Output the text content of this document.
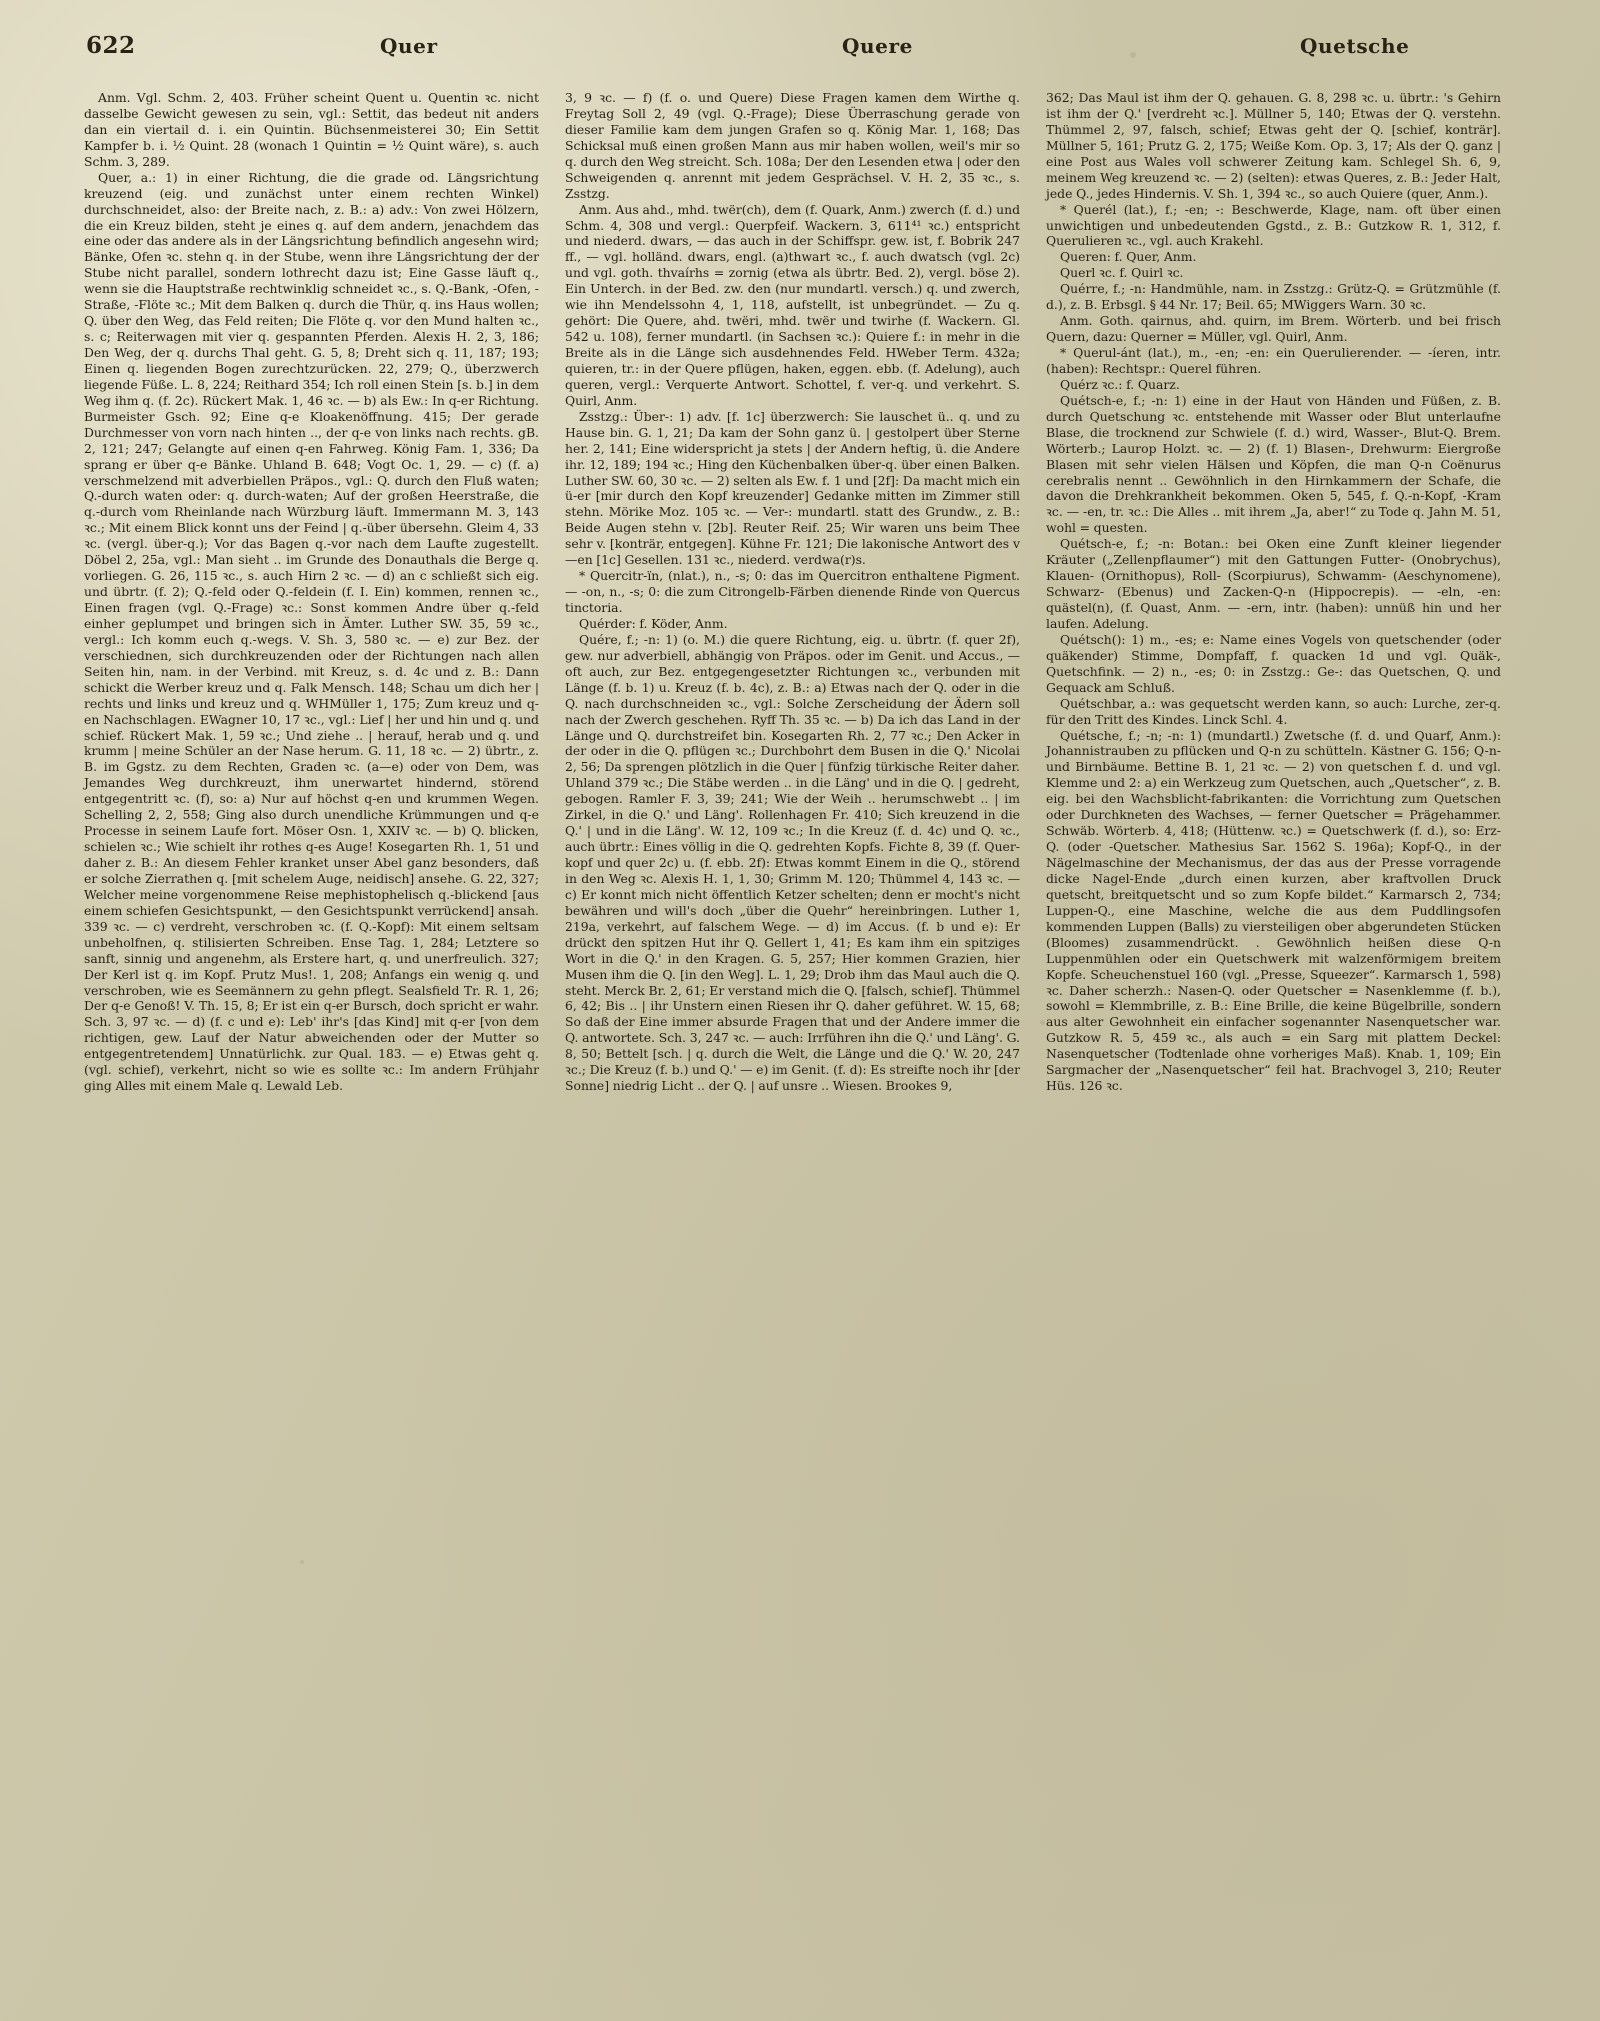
622	Quer	Quere	Quetsche

Anm. Vgl. Schm. 2, 403. Früher scheint Quent u. Quentin ꝛc. nicht dasselbe Gewicht gewesen zu sein, vgl.: Settit, das bedeut nit anders dan ein viertail d. i. ein Quintin. Büchsenmeisterei 30; Ein Settit Kampfer b. i. ¹⁄₂ Quint. 28 (wonach 1 Quintin = ¹⁄₂ Quint wäre), s. auch Schm. 3, 289.

Quer, a.: 1) in einer Richtung, die die grade od. Längsrichtung kreuzend (eig. und zunächst unter einem rechten Winkel) durchschneidet, also: der Breite nach, z. B.: a) adv.: Von zwei Hölzern, die ein Kreuz bilden, steht je eines q. auf dem andern, jenachdem das eine oder das andere als in der Längsrichtung befindlich angesehn wird; Bänke, Ofen ꝛc. stehn q. in der Stube, wenn ihre Längsrichtung der der Stube nicht parallel, sondern lothrecht dazu ist; Eine Gasse läuft q., wenn sie die Hauptstraße rechtwinklig schneidet ꝛc., s. Q.-Bank, -Ofen, -Straße, -Flöte ꝛc.; Mit dem Balken q. durch die Thür, q. ins Haus wollen; Q. über den Weg, das Feld reiten; Die Flöte q. vor den Mund halten ꝛc., s. c; Reiterwagen mit vier q. gespannten Pferden. Alexis H. 2, 3, 186; Den Weg, der q. durchs Thal geht. G. 5, 8; Dreht sich q. 11, 187; 193; Einen q. liegenden Bogen zurechtzurücken. 22, 279; Q., überzwerch liegende Füße. L. 8, 224; Reithard 354; Ich roll einen Stein [s. b.] in dem Weg ihm q. (f. 2c). Rückert Mak. 1, 46 ꝛc. — b) als Ew.: In q-er Richtung. Burmeister Gsch. 92; Eine q-e Kloakenöffnung. 415; Der gerade Durchmesser von vorn nach hinten .., der q-e von links nach rechts. gB. 2, 121; 247; Gelangte auf einen q-en Fahrweg. König Fam. 1, 336; Da sprang er über q-e Bänke. Uhland B. 648; Vogt Oc. 1, 29. — c) (f. a) verschmelzend mit adverbiellen Präpos., vgl.: Q. durch den Fluß waten; Q.-durch waten oder: q. durch-waten; Auf der großen Heerstraße, die q.-durch vom Rheinlande nach Würzburg läuft. Immermann M. 3, 143 ꝛc.; Mit einem Blick konnt uns der Feind | q.-über übersehn. Gleim 4, 33 ꝛc. (vergl. über-q.); Vor das Bagen q.-vor nach dem Laufte zugestellt. Döbel 2, 25a, vgl.: Man sieht .. im Grunde des Donauthals die Berge q. vorliegen. G. 26, 115 ꝛc., s. auch Hirn 2 ꝛc. — d) an c schließt sich eig. und übrtr. (f. 2); Q.-feld oder Q.-feldein (f. I. Ein) kommen, rennen ꝛc., Einen fragen (vgl. Q.-Frage) ꝛc.: Sonst kommen Andre über q.-feld einher geplumpet und bringen sich in Ämter. Luther SW. 35, 59 ꝛc., vergl.: Ich komm euch q.-wegs. V. Sh. 3, 580 ꝛc. — e) zur Bez. der verschiednen, sich durchkreuzenden oder der Richtungen nach allen Seiten hin, nam. in der Verbind. mit Kreuz, s. d. 4c und z. B.: Dann schickt die Werber kreuz und q. Falk Mensch. 148; Schau um dich her | rechts und links und kreuz und q. WHMüller 1, 175; Zum kreuz und q-en Nachschlagen. EWagner 10, 17 ꝛc., vgl.: Lief | her und hin und q. und schief. Rückert Mak. 1, 59 ꝛc.; Und ziehe .. | herauf, herab und q. und krumm | meine Schüler an der Nase herum. G. 11, 18 ꝛc. — 2) übrtr., z. B. im Ggstz. zu dem Rechten, Graden ꝛc. (a—e) oder von Dem, was Jemandes Weg durchkreuzt, ihm unerwartet hindernd, störend entgegentritt ꝛc. (f), so: a) Nur auf höchst q-en und krummen Wegen. Schelling 2, 2, 558; Ging also durch unendliche Krümmungen und q-e Processe in seinem Laufe fort. Möser Osn. 1, XXIV ꝛc. — b) Q. blicken, schielen ꝛc.; Wie schielt ihr rothes q-es Auge! Kosegarten Rh. 1, 51 und daher z. B.: An diesem Fehler kranket unser Abel ganz besonders, daß er solche Zierrathen q. [mit schelem Auge, neidisch] ansehe. G. 22, 327; Welcher meine vorgenommene Reise mephistophelisch q.-blickend [aus einem schiefen Gesichtspunkt, — den Gesichtspunkt verrückend] ansah. 339 ꝛc. — c) verdreht, verschroben ꝛc. (f. Q.-Kopf): Mit einem seltsam unbeholfnen, q. stilisierten Schreiben. Ense Tag. 1, 284; Letztere so sanft, sinnig und angenehm, als Erstere hart, q. und unerfreulich. 327; Der Kerl ist q. im Kopf. Prutz Mus!. 1, 208; Anfangs ein wenig q. und verschroben, wie es Seemännern zu gehn pflegt. Sealsfield Tr. R. 1, 26; Der q-e Genoß! V. Th. 15, 8; Er ist ein q-er Bursch, doch spricht er wahr. Sch. 3, 97 ꝛc. — d) (f. c und e): Leb' ihr's [das Kind] mit q-er [von dem richtigen, gew. Lauf der Natur abweichenden oder der Mutter so entgegentretendem] Unnatürlichk. zur Qual. 183. — e) Etwas geht q. (vgl. schief), verkehrt, nicht so wie es sollte ꝛc.: Im andern Frühjahr ging Alles mit einem Male q. Lewald Leb.

3, 9 ꝛc. — f) (f. o. und Quere) Diese Fragen kamen dem Wirthe q. Freytag Soll 2, 49 (vgl. Q.-Frage); Diese Überraschung gerade von dieser Familie kam dem jungen Grafen so q. König Mar. 1, 168; Das Schicksal muß einen großen Mann aus mir haben wollen, weil's mir so q. durch den Weg streicht. Sch. 108a; Der den Lesenden etwa | oder den Schweigenden q. anrennt mit jedem Gesprächsel. V. H. 2, 35 ꝛc., s. Zsstzg.

Anm. Aus ahd., mhd. twër(ch), dem (f. Quark, Anm.) zwerch (f. d.) und Schm. 4, 308 und vergl.: Querpfeif. Wackern. 3, 611⁴¹ ꝛc.) entspricht und niederd. dwars, — das auch in der Schiffspr. gew. ist, f. Bobrik 247 ff., — vgl. holländ. dwars, engl. (a)thwart ꝛc., f. auch dwatsch (vgl. 2c) und vgl. goth. thvaírhs = zornig (etwa als übrtr. Bed. 2), vergl. böse 2). Ein Unterch. in der Bed. zw. den (nur mundartl. versch.) q. und zwerch, wie ihn Mendelssohn 4, 1, 118, aufstellt, ist unbegründet. — Zu q. gehört: Die Quere, ahd. twëri, mhd. twër und twirhe (f. Wackern. Gl. 542 u. 108), ferner mundartl. (in Sachsen ꝛc.): Quiere f.: in mehr in die Breite als in die Länge sich ausdehnendes Feld. HWeber Term. 432a; quieren, tr.: in der Quere pflügen, haken, eggen. ebb. (f. Adelung), auch queren, vergl.: Verquerte Antwort. Schottel, f. ver-q. und verkehrt. S. Quirl, Anm.

Zsstzg.: Über-: 1) adv. [f. 1c] überzwerch: Sie lauschet ü.. q. und zu Hause bin. G. 1, 21; Da kam der Sohn ganz ü. | gestolpert über Sterne her. 2, 141; Eine widerspricht ja stets | der Andern heftig, ü. die Andere ihr. 12, 189; 194 ꝛc.; Hing den Küchenbalken über-q. über einen Balken. Luther SW. 60, 30 ꝛc. — 2) selten als Ew. f. 1 und [2f]: Da macht mich ein ü-er [mir durch den Kopf kreuzender] Gedanke mitten im Zimmer still stehn. Mörike Moz. 105 ꝛc. — Ver-: mundartl. statt des Grundw., z. B.: Beide Augen stehn v. [2b]. Reuter Reif. 25; Wir waren uns beim Thee sehr v. [konträr, entgegen]. Kühne Fr. 121; Die lakonische Antwort des v—en [1c] Gesellen. 131 ꝛc., niederd. verdwa(r)s.

* Quercitr-ïn, (nlat.), n., -s; 0: das im Quercitron enthaltene Pigment. — -on, n., -s; 0: die zum Citrongelb-Färben dienende Rinde von Quercus tinctoria.

Quérder: f. Köder, Anm.

Quére, f.; -n: 1) (o. M.) die quere Richtung, eig. u. übrtr. (f. quer 2f), gew. nur adverbiell, abhängig von Präpos. oder im Genit. und Accus., — oft auch, zur Bez. entgegengesetzter Richtungen ꝛc., verbunden mit Länge (f. b. 1) u. Kreuz (f. b. 4c), z. B.: a) Etwas nach der Q. oder in die Q. nach durchschneiden ꝛc., vgl.: Solche Zerscheidung der Ädern soll nach der Zwerch geschehen. Ryff Th. 35 ꝛc. — b) Da ich das Land in der Länge und Q. durchstreifet bin. Kosegarten Rh. 2, 77 ꝛc.; Den Acker in der oder in die Q. pflügen ꝛc.; Durchbohrt dem Busen in die Q.' Nicolai 2, 56; Da sprengen plötzlich in die Quer | fünfzig türkische Reiter daher. Uhland 379 ꝛc.; Die Stäbe werden .. in die Läng' und in die Q. | gedreht, gebogen. Ramler F. 3, 39; 241; Wie der Weih .. herumschwebt .. | im Zirkel, in die Q.' und Läng'. Rollenhagen Fr. 410; Sich kreuzend in die Q.' | und in die Läng'. W. 12, 109 ꝛc.; In die Kreuz (f. d. 4c) und Q. ꝛc., auch übrtr.: Eines völlig in die Q. gedrehten Kopfs. Fichte 8, 39 (f. Quer-kopf und quer 2c) u. (f. ebb. 2f): Etwas kommt Einem in die Q., störend in den Weg ꝛc. Alexis H. 1, 1, 30; Grimm M. 120; Thümmel 4, 143 ꝛc. — c) Er konnt mich nicht öffentlich Ketzer schelten; denn er mocht's nicht bewähren und will's doch „über die Quehr“ hereinbringen. Luther 1, 219a, verkehrt, auf falschem Wege. — d) im Accus. (f. b und e): Er drückt den spitzen Hut ihr Q. Gellert 1, 41; Es kam ihm ein spitziges Wort in die Q.' in den Kragen. G. 5, 257; Hier kommen Grazien, hier Musen ihm die Q. [in den Weg]. L. 1, 29; Drob ihm das Maul auch die Q. steht. Merck Br. 2, 61; Er verstand mich die Q. [falsch, schief]. Thümmel 6, 42; Bis .. | ihr Unstern einen Riesen ihr Q. daher geführet. W. 15, 68; So daß der Eine immer absurde Fragen that und der Andere immer die Q. antwortete. Sch. 3, 247 ꝛc. — auch: Irrführen ihn die Q.' und Läng'. G. 8, 50; Bettelt [sch. | q. durch die Welt, die Länge und die Q.' W. 20, 247 ꝛc.; Die Kreuz (f. b.) und Q.' — e) im Genit. (f. d): Es streifte noch ihr [der Sonne] niedrig Licht .. der Q. | auf unsre .. Wiesen. Brookes 9,

362; Das Maul ist ihm der Q. gehauen. G. 8, 298 ꝛc. u. übrtr.: 's Gehirn ist ihm der Q.' [verdreht ꝛc.]. Müllner 5, 140; Etwas der Q. verstehn. Thümmel 2, 97, falsch, schief; Etwas geht der Q. [schief, konträr]. Müllner 5, 161; Prutz G. 2, 175; Weiße Kom. Op. 3, 17; Als der Q. ganz | eine Post aus Wales voll schwerer Zeitung kam. Schlegel Sh. 6, 9, meinem Weg kreuzend ꝛc. — 2) (selten): etwas Queres, z. B.: Jeder Halt, jede Q., jedes Hindernis. V. Sh. 1, 394 ꝛc., so auch Quiere (quer, Anm.).

* Querél (lat.), f.; -en; -: Beschwerde, Klage, nam. oft über einen unwichtigen und unbedeutenden Ggstd., z. B.: Gutzkow R. 1, 312, f. Querulieren ꝛc., vgl. auch Krakehl.

Queren: f. Quer, Anm.

Querl ꝛc. f. Quirl ꝛc.

Quérre, f.; -n: Handmühle, nam. in Zsstzg.: Grütz-Q. = Grützmühle (f. d.), z. B. Erbsgl. § 44 Nr. 17; Beil. 65; MWiggers Warn. 30 ꝛc.

Anm. Goth. qairnus, ahd. quirn, im Brem. Wörterb. und bei frisch Quern, dazu: Querner = Müller, vgl. Quirl, Anm.

* Querul-ánt (lat.), m., -en; -en: ein Querulierender. — -íeren, intr. (haben): Rechtspr.: Querel führen.

Quérz ꝛc.: f. Quarz.

Quétsch-e, f.; -n: 1) eine in der Haut von Händen und Füßen, z. B. durch Quetschung ꝛc. entstehende mit Wasser oder Blut unterlaufne Blase, die trocknend zur Schwiele (f. d.) wird, Wasser-, Blut-Q. Brem. Wörterb.; Laurop Holzt. ꝛc. — 2) (f. 1) Blasen-, Drehwurm: Eiergroße Blasen mit sehr vielen Hälsen und Köpfen, die man Q-n Coënurus cerebralis nennt .. Gewöhnlich in den Hirnkammern der Schafe, die davon die Drehkrankheit bekommen. Oken 5, 545, f. Q.-n-Kopf, -Kram ꝛc. — -en, tr. ꝛc.: Die Alles .. mit ihrem „Ja, aber!“ zu Tode q. Jahn M. 51, wohl = questen.

Quétsch-e, f.; -n: Botan.: bei Oken eine Zunft kleiner liegender Kräuter („Zellenpflaumer“) mit den Gattungen Futter- (Onobrychus), Klauen- (Ornithopus), Roll- (Scorpiurus), Schwamm- (Aeschynomene), Schwarz- (Ebenus) und Zacken-Q-n (Hippocrepis). — -eln, -en: quästel(n), (f. Quast, Anm. — -ern, intr. (haben): unnüß hin und her laufen. Adelung.

Quétsch(): 1) m., -es; e: Name eines Vogels von quetschender (oder quäkender) Stimme, Dompfaff, f. quacken 1d und vgl. Quäk-, Quetschfink. — 2) n., -es; 0: in Zsstzg.: Ge-: das Quetschen, Q. und Gequack am Schluß.

Quétschbar, a.: was gequetscht werden kann, so auch: Lurche, zer-q. für den Tritt des Kindes. Linck Schl. 4.

Quétsche, f.; -n; -n: 1) (mundartl.) Zwetsche (f. d. und Quarf, Anm.): Johannistrauben zu pflücken und Q-n zu schütteln. Kästner G. 156; Q-n- und Birnbäume. Bettine B. 1, 21 ꝛc. — 2) von quetschen f. d. und vgl. Klemme und 2: a) ein Werkzeug zum Quetschen, auch „Quetscher“, z. B. eig. bei den Wachsblicht-fabrikanten: die Vorrichtung zum Quetschen oder Durchkneten des Wachses, — ferner Quetscher = Prägehammer. Schwäb. Wörterb. 4, 418; (Hüttenw. ꝛc.) = Quetschwerk (f. d.), so: Erz-Q. (oder -Quetscher. Mathesius Sar. 1562 S. 196a); Kopf-Q., in der Nägelmaschine der Mechanismus, der das aus der Presse vorragende dicke Nagel-Ende „durch einen kurzen, aber kraftvollen Druck quetscht, breitquetscht und so zum Kopfe bildet.“ Karmarsch 2, 734; Luppen-Q., eine Maschine, welche die aus dem Puddlingsofen kommenden Luppen (Balls) zu viersteiligen ober abgerundeten Stücken (Bloomes) zusammendrückt. . Gewöhnlich heißen diese Q-n Luppenmühlen oder ein Quetschwerk mit walzenförmigem breitem Kopfe. Scheuchenstuel 160 (vgl. „Presse, Squeezer“. Karmarsch 1, 598) ꝛc. Daher scherzh.: Nasen-Q. oder Quetscher = Nasenklemme (f. b.), sowohl = Klemmbrille, z. B.: Eine Brille, die keine Bügelbrille, sondern aus alter Gewohnheit ein einfacher sogenannter Nasenquetscher war. Gutzkow R. 5, 459 ꝛc., als auch = ein Sarg mit plattem Deckel: Nasenquetscher (Todtenlade ohne vorheriges Maß). Knab. 1, 109; Ein Sargmacher der „Nasenquetscher“ feil hat. Brachvogel 3, 210; Reuter Hüs. 126 ꝛc.
